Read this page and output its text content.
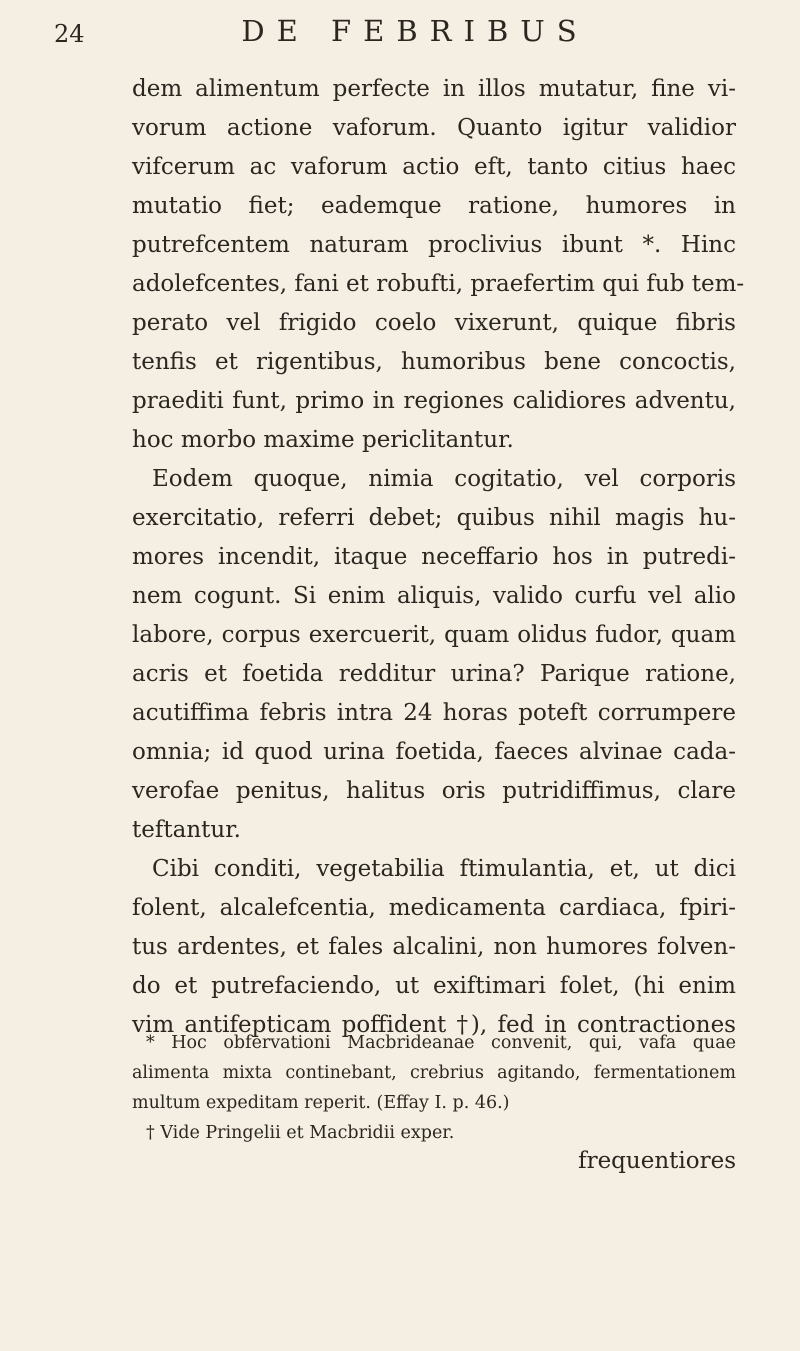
24	DE FEBRIBUS
dem alimentum perfecte in illos mutatur, fine vi-
vorum actione vaforum. Quanto igitur validior
vifcerum ac vaforum actio eft, tanto citius haec
mutatio fiet; eademque ratione, humores in
putrefcentem naturam proclivius ibunt *. Hinc
adolefcentes, fani et robufti, praefertim qui fub tem-
perato vel frigido coelo vixerunt, quique fibris
tenfis et rigentibus, humoribus bene concoctis,
praediti funt, primo in regiones calidiores adventu,
hoc morbo maxime periclitantur.
Eodem quoque, nimia cogitatio, vel corporis
exercitatio, referri debet; quibus nihil magis hu-
mores incendit, itaque neceffario hos in putredi-
nem cogunt. Si enim aliquis, valido curfu vel alio
labore, corpus exercuerit, quam olidus fudor, quam
acris et foetida redditur urina? Parique ratione,
acutiffima febris intra 24 horas poteft corrumpere
omnia; id quod urina foetida, faeces alvinae cada-
verofae penitus, halitus oris putridiffimus, clare
teftantur.
Cibi conditi, vegetabilia ftimulantia, et, ut dici
folent, alcalefcentia, medicamenta cardiaca, fpiri-
tus ardentes, et fales alcalini, non humores folven-
do et putrefaciendo, ut exiftimari folet, (hi enim
vim antifepticam poffident †), fed in contractiones
* Hoc obfervationi Macbrideanae convenit, qui, vafa quae
alimenta mixta continebant, crebrius agitando, fermentationem
multum expeditam reperit. (Effay I. p. 46.)
† Vide Pringelii et Macbridii exper.
frequentiores
